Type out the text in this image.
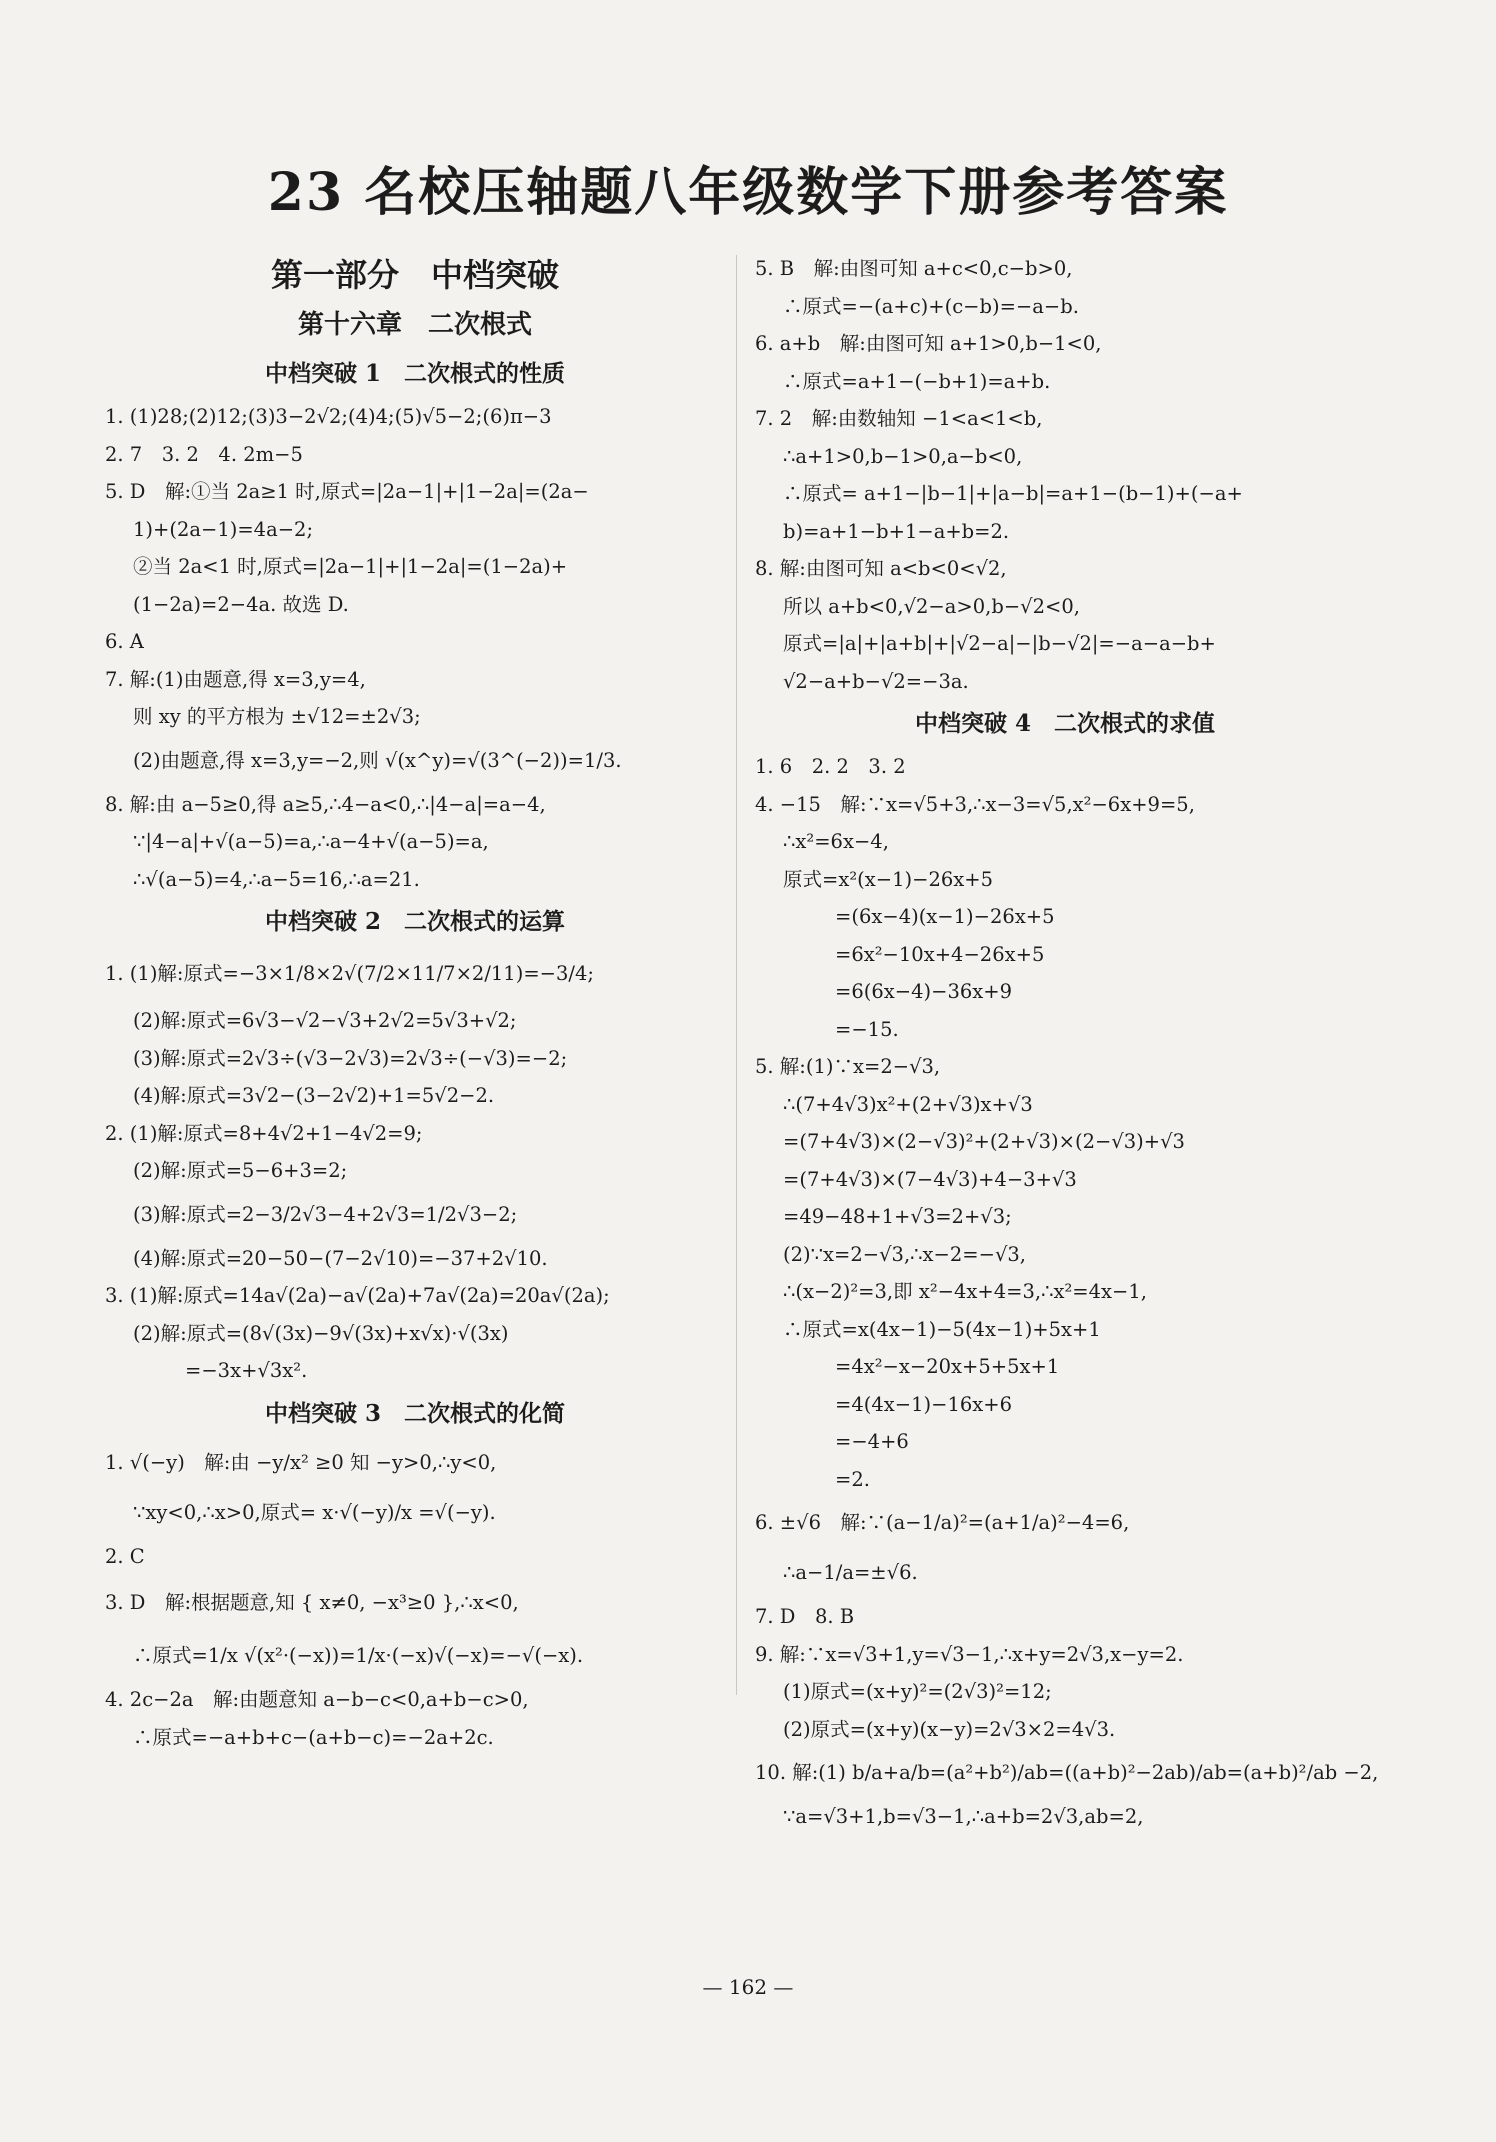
23 名校压轴题八年级数学下册参考答案
第一部分　中档突破
第十六章　二次根式
中档突破 1　二次根式的性质
1. (1)28;(2)12;(3)3−2√2;(4)4;(5)√5−2;(6)π−3
2. 7　3. 2　4. 2m−5
5. D　解:①当 2a≥1 时,原式=|2a−1|+|1−2a|=(2a−
1)+(2a−1)=4a−2;
②当 2a<1 时,原式=|2a−1|+|1−2a|=(1−2a)+
(1−2a)=2−4a. 故选 D.
6. A
7. 解:(1)由题意,得 x=3,y=4,
则 xy 的平方根为 ±√12=±2√3;
(2)由题意,得 x=3,y=−2,则 √(x^y)=√(3^(−2))=1/3.
8. 解:由 a−5≥0,得 a≥5,∴4−a<0,∴|4−a|=a−4,
∵|4−a|+√(a−5)=a,∴a−4+√(a−5)=a,
∴√(a−5)=4,∴a−5=16,∴a=21.
中档突破 2　二次根式的运算
1. (1)解:原式=−3×1/8×2√(7/2×11/7×2/11)=−3/4;
(2)解:原式=6√3−√2−√3+2√2=5√3+√2;
(3)解:原式=2√3÷(√3−2√3)=2√3÷(−√3)=−2;
(4)解:原式=3√2−(3−2√2)+1=5√2−2.
2. (1)解:原式=8+4√2+1−4√2=9;
(2)解:原式=5−6+3=2;
(3)解:原式=2−3/2√3−4+2√3=1/2√3−2;
(4)解:原式=20−50−(7−2√10)=−37+2√10.
3. (1)解:原式=14a√(2a)−a√(2a)+7a√(2a)=20a√(2a);
(2)解:原式=(8√(3x)−9√(3x)+x√x)·√(3x)
=−3x+√3x².
中档突破 3　二次根式的化简
1. √(−y)　解:由 −y/x² ≥0 知 −y>0,∴y<0,
∵xy<0,∴x>0,原式= x·√(−y)/x =√(−y).
2. C
3. D　解:根据题意,知 { x≠0, −x³≥0 },∴x<0,
∴原式=1/x √(x²·(−x))=1/x·(−x)√(−x)=−√(−x).
4. 2c−2a　解:由题意知 a−b−c<0,a+b−c>0,
∴原式=−a+b+c−(a+b−c)=−2a+2c.
5. B　解:由图可知 a+c<0,c−b>0,
∴原式=−(a+c)+(c−b)=−a−b.
6. a+b　解:由图可知 a+1>0,b−1<0,
∴原式=a+1−(−b+1)=a+b.
7. 2　解:由数轴知 −1<a<1<b,
∴a+1>0,b−1>0,a−b<0,
∴原式= a+1−|b−1|+|a−b|=a+1−(b−1)+(−a+
b)=a+1−b+1−a+b=2.
8. 解:由图可知 a<b<0<√2,
所以 a+b<0,√2−a>0,b−√2<0,
原式=|a|+|a+b|+|√2−a|−|b−√2|=−a−a−b+
√2−a+b−√2=−3a.
中档突破 4　二次根式的求值
1. 6　2. 2　3. 2
4. −15　解:∵x=√5+3,∴x−3=√5,x²−6x+9=5,
∴x²=6x−4,
原式=x²(x−1)−26x+5
=(6x−4)(x−1)−26x+5
=6x²−10x+4−26x+5
=6(6x−4)−36x+9
=−15.
5. 解:(1)∵x=2−√3,
∴(7+4√3)x²+(2+√3)x+√3
=(7+4√3)×(2−√3)²+(2+√3)×(2−√3)+√3
=(7+4√3)×(7−4√3)+4−3+√3
=49−48+1+√3=2+√3;
(2)∵x=2−√3,∴x−2=−√3,
∴(x−2)²=3,即 x²−4x+4=3,∴x²=4x−1,
∴原式=x(4x−1)−5(4x−1)+5x+1
=4x²−x−20x+5+5x+1
=4(4x−1)−16x+6
=−4+6
=2.
6. ±√6　解:∵(a−1/a)²=(a+1/a)²−4=6,
∴a−1/a=±√6.
7. D　8. B
9. 解:∵x=√3+1,y=√3−1,∴x+y=2√3,x−y=2.
(1)原式=(x+y)²=(2√3)²=12;
(2)原式=(x+y)(x−y)=2√3×2=4√3.
10. 解:(1) b/a+a/b=(a²+b²)/ab=((a+b)²−2ab)/ab=(a+b)²/ab −2,
∵a=√3+1,b=√3−1,∴a+b=2√3,ab=2,
— 162 —
